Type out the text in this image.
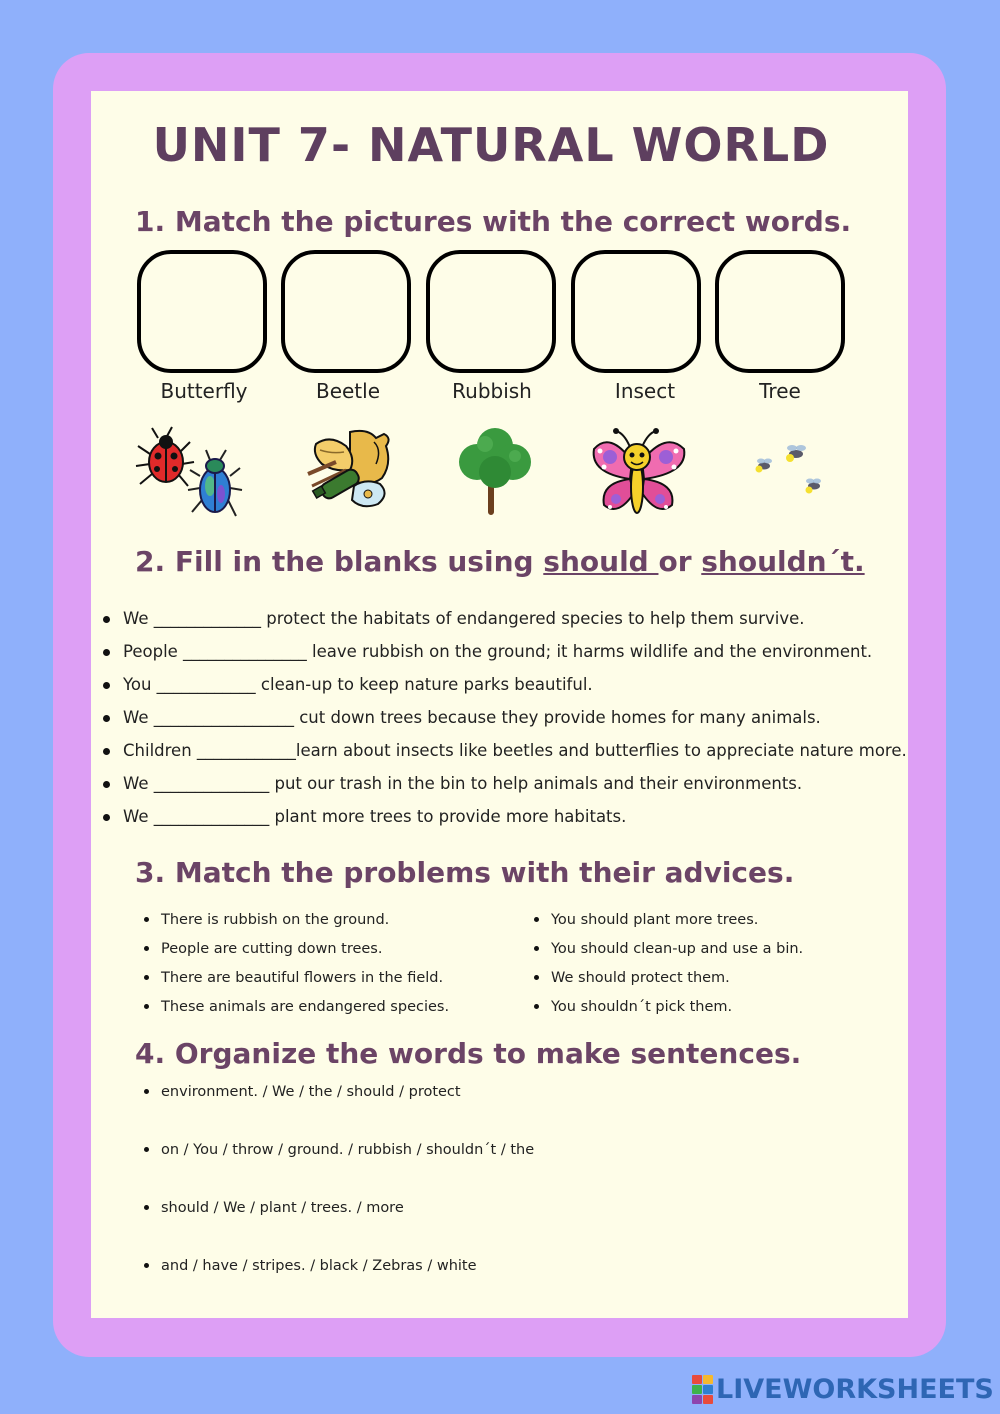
UNIT 7- NATURAL WORLD
1. Match the pictures with the correct words.
Butterfly	Beetle	Rubbish	Insect	Tree
2. Fill in the blanks using should or shouldn´t.
We _____________ protect the habitats of endangered species to help them survive.
People _______________ leave rubbish on the ground; it harms wildlife and the environment.
You ____________ clean-up to keep nature parks beautiful.
We _________________ cut down trees because they provide homes for many animals.
Children ____________learn about insects like beetles and butterflies to appreciate nature more.
We ______________ put our trash in the bin to help animals and their environments.
We ______________ plant more trees to provide more habitats.
3. Match the problems with their advices.
There is rubbish on the ground.
People are cutting down trees.
There are beautiful flowers in the field.
These animals are endangered species.
You should plant more trees.
You should clean-up and use a bin.
We should protect them.
You shouldn´t pick them.
4. Organize the words to make sentences.
environment. / We / the / should / protect
on / You / throw / ground. / rubbish / shouldn´t / the
should / We / plant / trees. / more
and / have / stripes. / black / Zebras / white
LIVEWORKSHEETS
